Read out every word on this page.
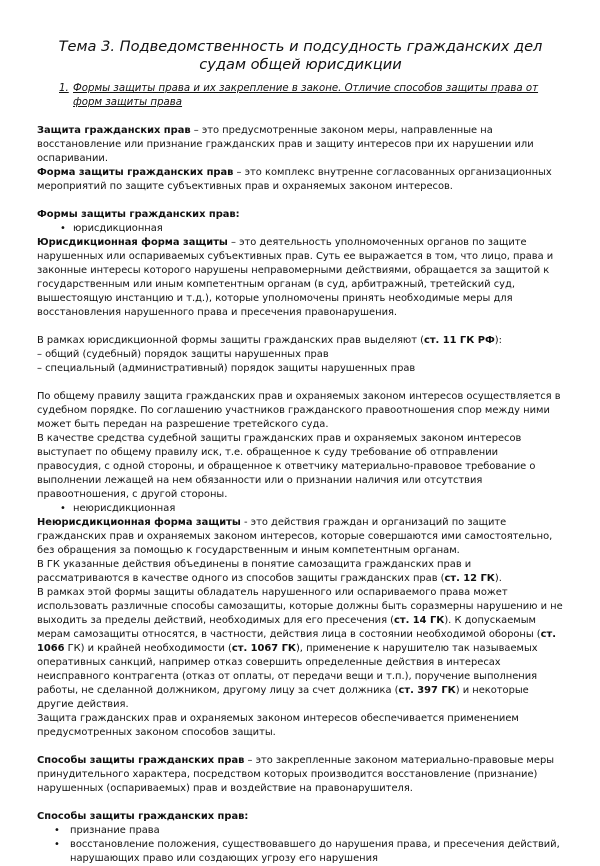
Тема 3. Подведомственность и подсудность гражданских дел судам общей юрисдикции
1. Формы защиты права и их закрепление в законе. Отличие способов защиты права от форм защиты права

Защита гражданских прав – это предусмотренные законом меры, направленные на восстановление или признание гражданских прав и защиту интересов при их нарушении или оспаривании.

Форма защиты гражданских прав – это комплекс внутренне согласованных организационных мероприятий по защите субъективных прав и охраняемых законом интересов.

Формы защиты гражданских прав:

•
юрисдикционная

Юрисдикционная форма защиты – это деятельность уполномоченных органов по защите нарушенных или оспариваемых субъективных прав. Суть ее выражается в том, что лицо, права и законные интересы которого нарушены неправомерными действиями, обращается за защитой к государственным или иным компетентным органам (в суд, арбитражный, третейский суд, вышестоящую инстанцию и т.д.), которые уполномочены принять необходимые меры для восстановления нарушенного права и пресечения правонарушения.

В рамках юрисдикционной формы защиты гражданских прав выделяют (ст. 11 ГК РФ):

– общий (судебный) порядок защиты нарушенных прав

– специальный (административный) порядок защиты нарушенных прав

По общему правилу защита гражданских прав и охраняемых законом интересов осуществляется в судебном порядке. По соглашению участников гражданского правоотношения спор между ними может быть передан на разрешение третейского суда.

В качестве средства судебной защиты гражданских прав и охраняемых законом интересов выступает по общему правилу иск, т.е. обращенное к суду требование об отправлении правосудия, с одной стороны, и обращенное к ответчику материально-правовое требование о выполнении лежащей на нем обязанности или о признании наличия или отсутствия правоотношения, с другой стороны.

•
неюрисдикционная

Неюрисдикционная форма защиты - это действия граждан и организаций по защите гражданских прав и охраняемых законом интересов, которые совершаются ими самостоятельно, без обращения за помощью к государственным и иным компетентным органам.

В ГК указанные действия объединены в понятие самозащита гражданских прав и рассматриваются в качестве одного из способов защиты гражданских прав (ст. 12 ГК).

В рамках этой формы защиты обладатель нарушенного или оспариваемого права может использовать различные способы самозащиты, которые должны быть соразмерны нарушению и не выходить за пределы действий, необходимых для его пресечения (ст. 14 ГК). К допускаемым мерам самозащиты относятся, в частности, действия лица в состоянии необходимой обороны (ст. 1066 ГК) и крайней необходимости (ст. 1067 ГК), применение к нарушителю так называемых оперативных санкций, например отказ совершить определенные действия в интересах неисправного контрагента (отказ от оплаты, от передачи вещи и т.п.), поручение выполнения работы, не сделанной должником, другому лицу за счет должника (ст. 397 ГК) и некоторые другие действия.

Защита гражданских прав и охраняемых законом интересов обеспечивается применением предусмотренных законом способов защиты.

Способы защиты гражданских прав – это закрепленные законом материально-правовые меры принудительного характера, посредством которых производится восстановление (признание) нарушенных (оспариваемых) прав и воздействие на правонарушителя.

Способы защиты гражданских прав:

•
признание права
•
восстановление положения, существовавшего до нарушения права, и пресечения действий, нарушающих право или создающих угрозу его нарушения
